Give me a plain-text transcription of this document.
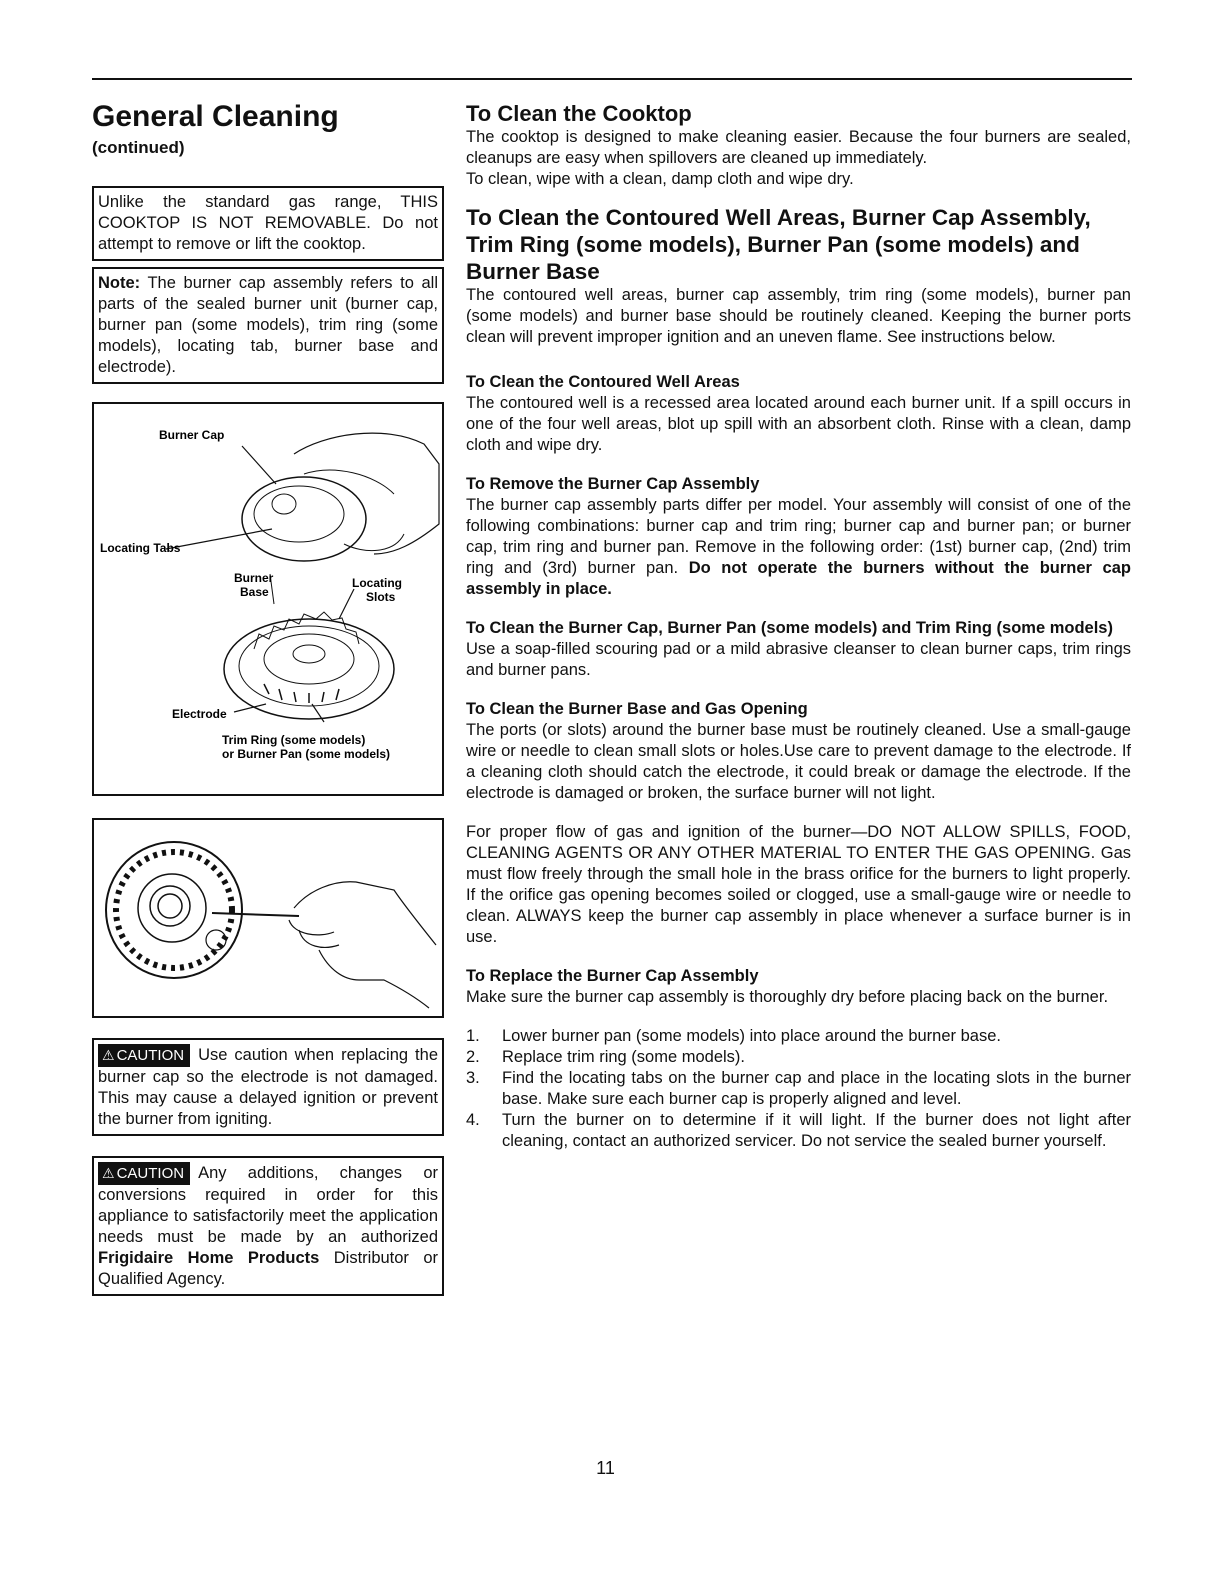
General Cleaning
(continued)
Unlike the standard gas range, THIS COOKTOP IS NOT REMOVABLE. Do not attempt to remove or lift the cooktop.
Note: The burner cap assembly refers to all parts of the sealed burner unit (burner cap, burner pan (some models), trim ring (some models), locating tab, burner base and electrode).
Burner Cap
Locating Tabs
Burner
Base
Locating
Slots
Electrode
Trim Ring (some models)
or Burner Pan (some models)
⚠ CAUTION Use caution when replacing the burner cap so the electrode is not damaged. This may cause a delayed ignition or prevent the burner from igniting.
⚠ CAUTION Any additions, changes or conversions required in order for this appliance to satisfactorily meet the application needs must be made by an authorized Frigidaire Home Products Distributor or Qualified Agency.
To Clean the Cooktop

The cooktop is designed to make cleaning easier. Because the four burners are sealed, cleanups are easy when spillovers are cleaned up immediately.

To clean, wipe with a clean, damp cloth and wipe dry.

To Clean the Contoured Well Areas, Burner Cap Assembly, Trim Ring (some models), Burner Pan (some models) and Burner Base

The contoured well areas, burner cap assembly, trim ring (some models), burner pan (some models) and burner base should be routinely cleaned. Keeping the burner ports clean will prevent improper ignition and an uneven flame. See instructions below.

To Clean the Contoured Well Areas

The contoured well is a recessed area located around each burner unit. If a spill occurs in one of the four well areas, blot up spill with an absorbent cloth. Rinse with a clean, damp cloth and wipe dry.

To Remove the Burner Cap Assembly

The burner cap assembly parts differ per model. Your assembly will consist of one of the following combinations: burner cap and trim ring; burner cap and burner pan; or burner cap, trim ring and burner pan. Remove in the following order: (1st) burner cap, (2nd) trim ring and (3rd) burner pan. Do not operate the burners without the burner cap assembly in place.

To Clean the Burner Cap, Burner Pan (some models) and Trim Ring (some models)

Use a soap-filled scouring pad or a mild abrasive cleanser to clean burner caps, trim rings and burner pans.

To Clean the Burner Base and Gas Opening

The ports (or slots) around the burner base must be routinely cleaned. Use a small-gauge wire or needle to clean small slots or holes.Use care to prevent damage to the electrode. If a cleaning cloth should catch the electrode, it could break or damage the electrode. If the electrode is damaged or broken, the surface burner will not light.

For proper flow of gas and ignition of the burner—DO NOT ALLOW SPILLS, FOOD, CLEANING AGENTS OR ANY OTHER MATERIAL TO ENTER THE GAS OPENING. Gas must flow freely through the small hole in the brass orifice for the burners to light properly. If the orifice gas opening becomes soiled or clogged, use a small-gauge wire or needle to clean. ALWAYS keep the burner cap assembly in place whenever a surface burner is in use.

To Replace the Burner Cap Assembly

Make sure the burner cap assembly is thoroughly dry before placing back on the burner.

1.	Lower burner pan (some models) into place around the burner base.
2.	Replace trim ring (some models).
3.	Find the locating tabs on the burner cap and place in the locating slots in the burner base. Make sure each burner cap is properly aligned and level.
4.	Turn the burner on to determine if it will light. If the burner does not light after cleaning, contact an authorized servicer. Do not service the sealed burner yourself.
11
